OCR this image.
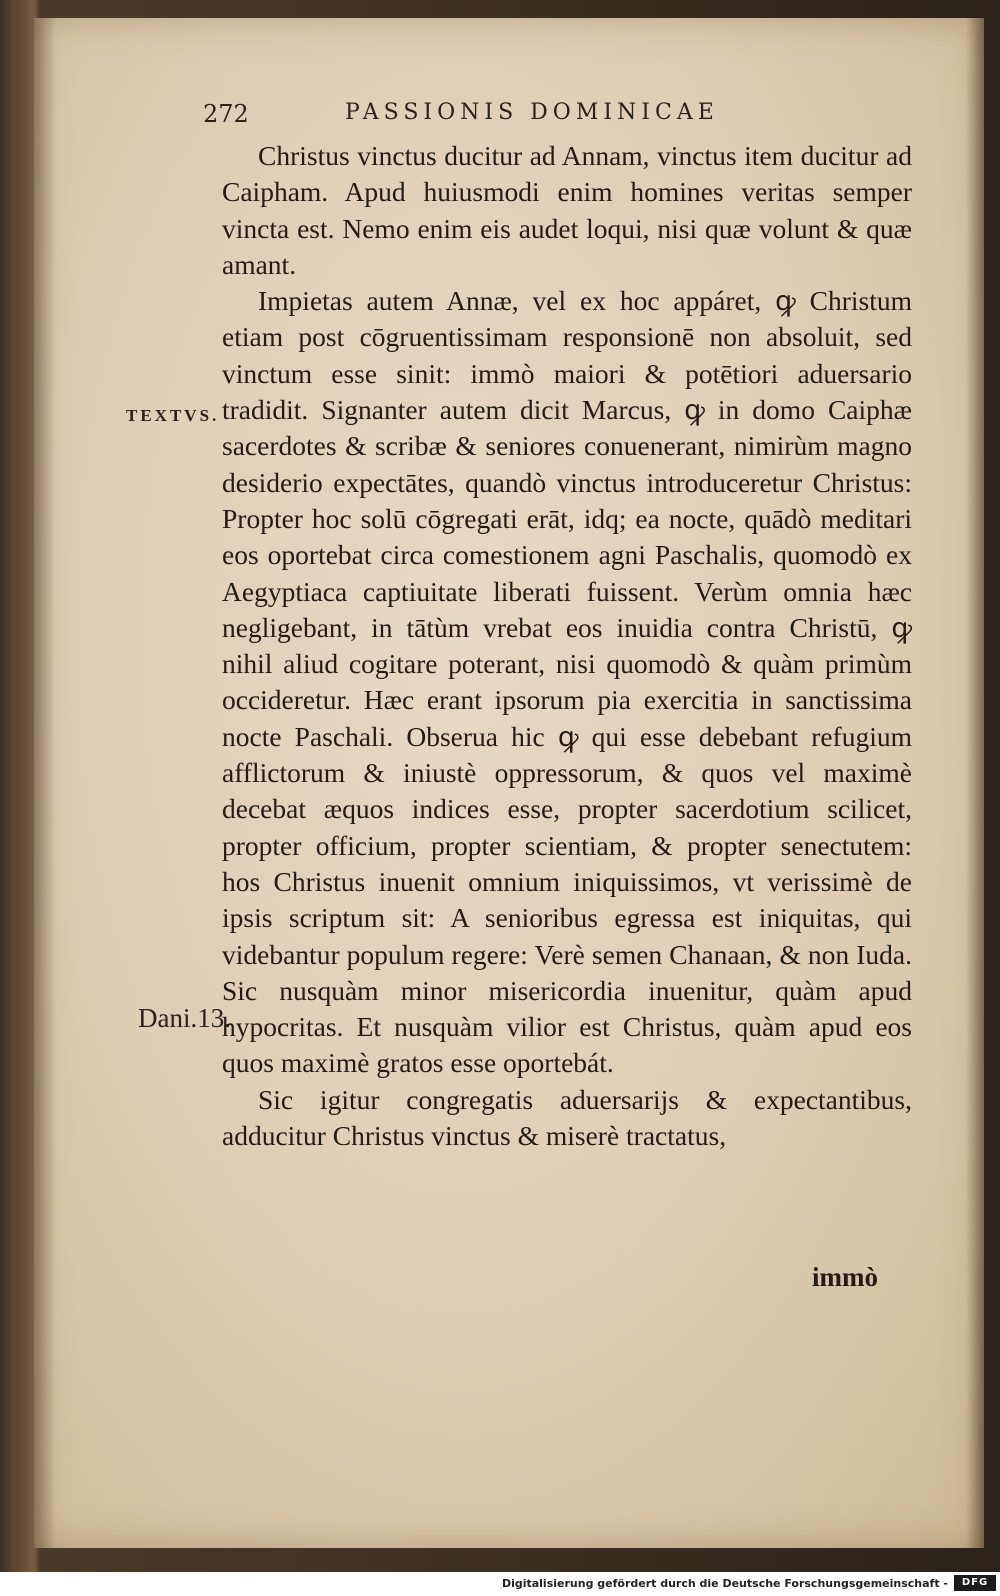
272	PASSIONIS DOMINICAE

Christus vinctus ducitur ad Annam, vinctus item ducitur ad Caipham. Apud huiusmodi enim homines veritas semper vincta est. Nemo enim eis audet loqui, nisi quæ volunt & quæ amant.

Impietas autem Annæ, vel ex hoc appáret, ꝙ Christum etiam post cōgruentissimam responsionē non absoluit, sed vinctum esse sinit: immò maiori & potētiori aduersario tradidit. Signanter autem dicit Marcus, ꝙ in domo Caiphæ sacerdotes & scribæ & seniores conuenerant, nimirùm magno desiderio expectātes, quandò vinctus introduceretur Christus: Propter hoc solū cōgregati erāt, idq; ea nocte, quādò meditari eos oportebat circa comestionem agni Paschalis, quomodò ex Aegyptiaca captiuitate liberati fuissent. Verùm omnia hæc negligebant, in tātùm vrebat eos inuidia contra Christū, ꝙ nihil aliud cogitare poterant, nisi quomodò & quàm primùm occideretur. Hæc erant ipsorum pia exercitia in sanctissima nocte Paschali. Obserua hic ꝙ qui esse debebant refugium afflictorum & iniustè oppressorum, & quos vel maximè decebat æquos indices esse, propter sacerdotium scilicet, propter officium, propter scientiam, & propter senectutem: hos Christus inuenit omnium iniquissimos, vt verissimè de ipsis scriptum sit: A senioribus egressa est iniquitas, qui videbantur populum regere: Verè semen Chanaan, & non Iuda. Sic nusquàm minor misericordia inuenitur, quàm apud hypocritas. Et nusquàm vilior est Christus, quàm apud eos quos maximè gratos esse oportebát.

Sic igitur congregatis aduersarijs & expectantibus, adducitur Christus vinctus & miserè tractatus,

immò
TEXTVS.
Dani.13.
Digitalisierung gefördert durch die Deutsche Forschungsgemeinschaft -	DFG
